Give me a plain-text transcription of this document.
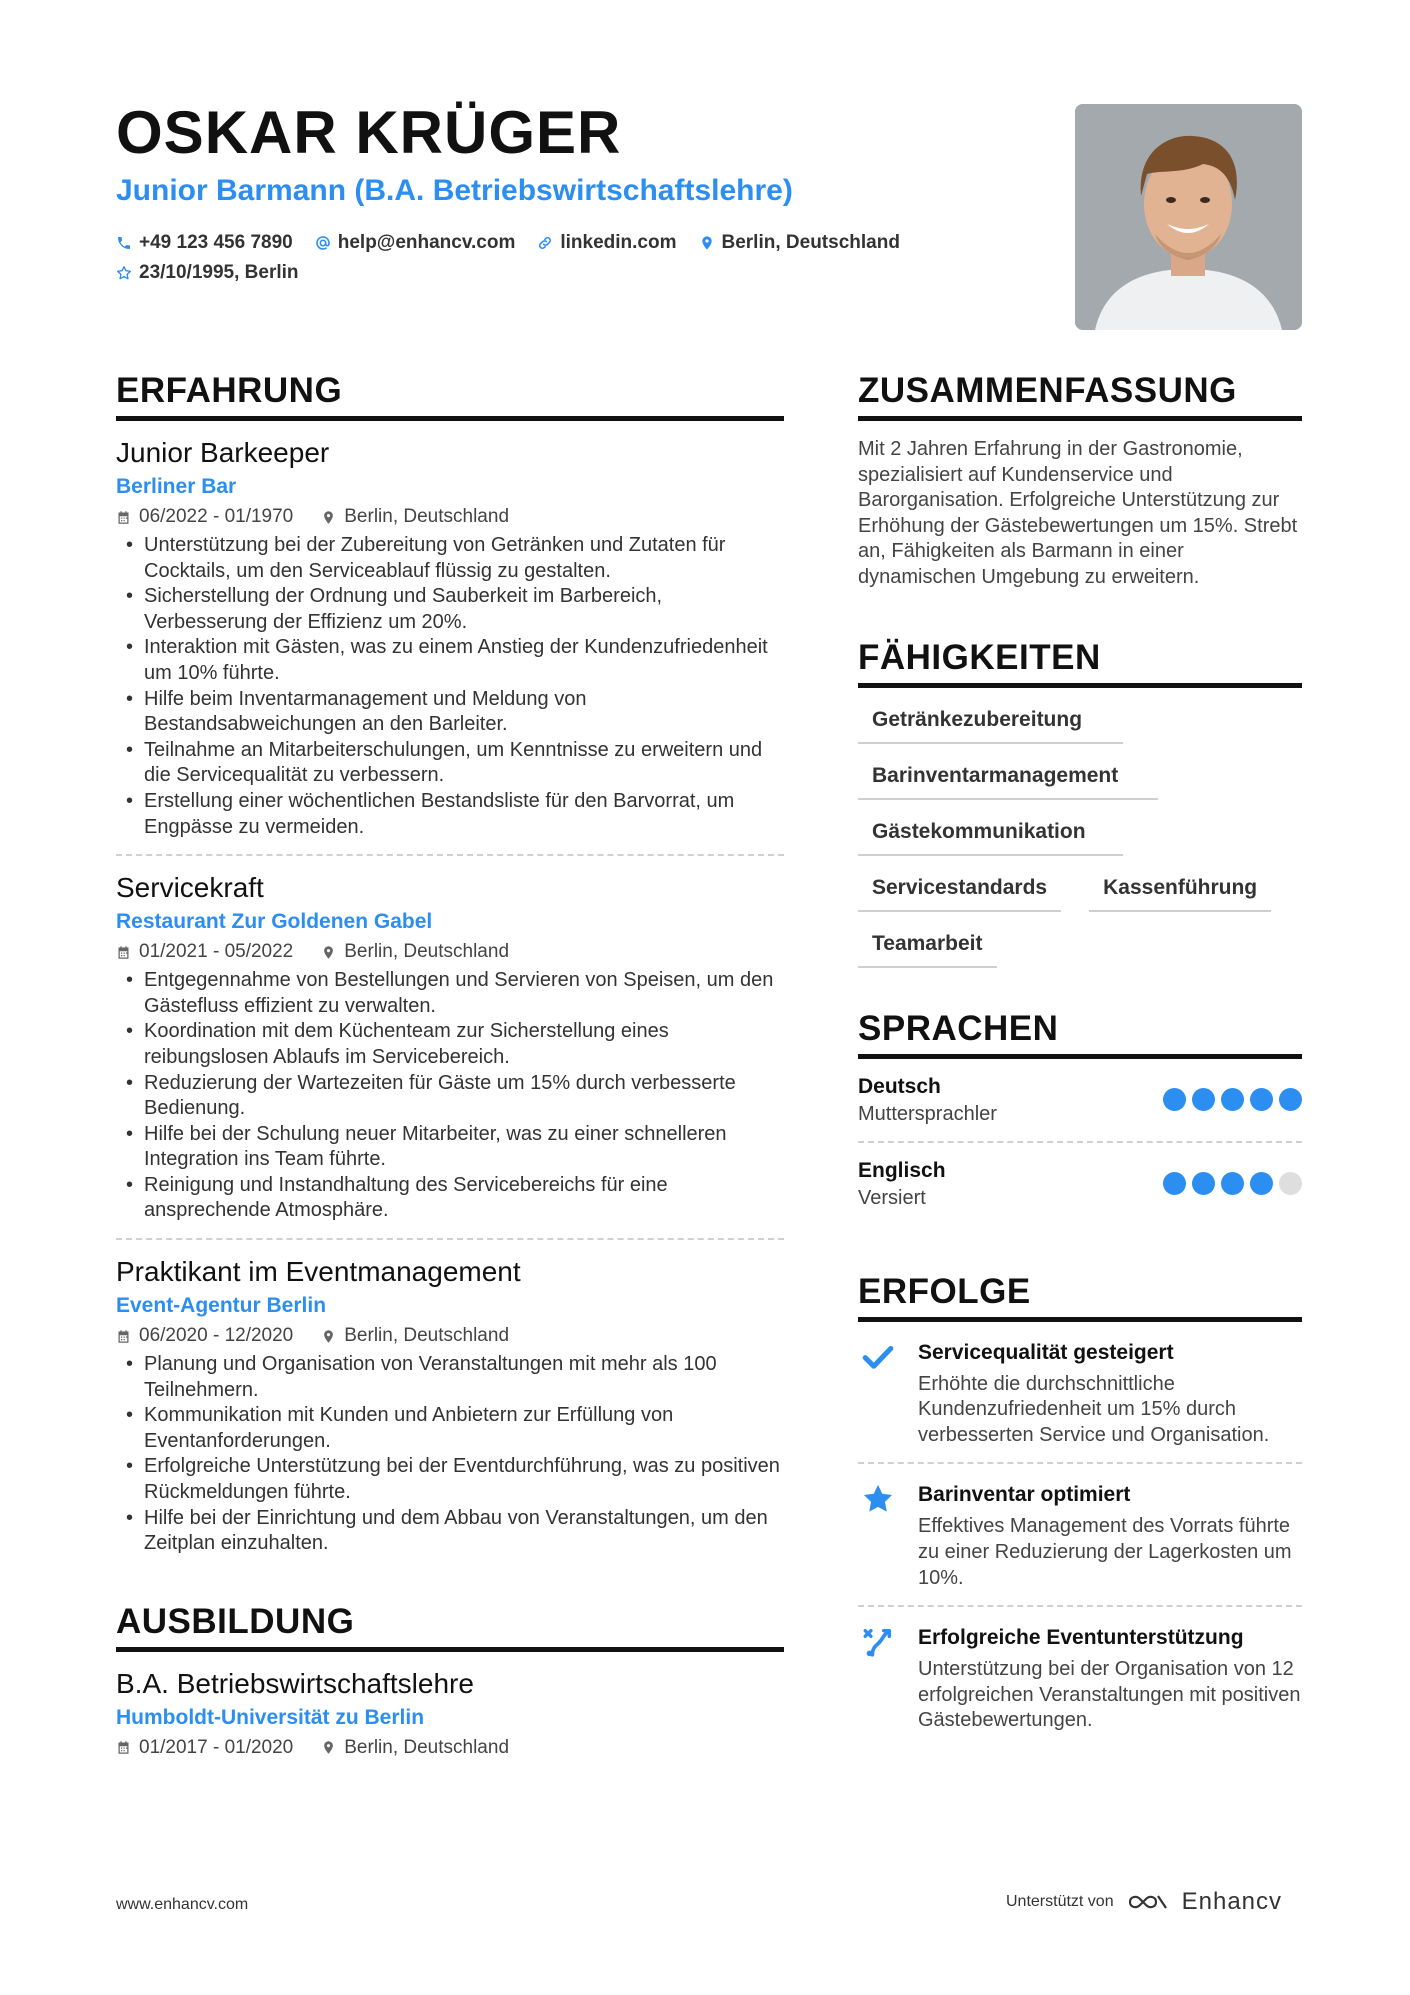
OSKAR KRÜGER
Junior Barmann (B.A. Betriebswirtschaftslehre)
+49 123 456 7890 help@enhancv.com linkedin.com Berlin, Deutschland
23/10/1995, Berlin
ERFAHRUNG
Junior Barkeeper
Berliner Bar
06/2022 - 01/1970	Berlin, Deutschland
• Unterstützung bei der Zubereitung von Getränken und Zutaten für Cocktails, um den Serviceablauf flüssig zu gestalten.
• Sicherstellung der Ordnung und Sauberkeit im Barbereich, Verbesserung der Effizienz um 20%.
• Interaktion mit Gästen, was zu einem Anstieg der Kundenzufriedenheit um 10% führte.
• Hilfe beim Inventarmanagement und Meldung von Bestandsabweichungen an den Barleiter.
• Teilnahme an Mitarbeiterschulungen, um Kenntnisse zu erweitern und die Servicequalität zu verbessern.
• Erstellung einer wöchentlichen Bestandsliste für den Barvorrat, um Engpässe zu vermeiden.
Servicekraft
Restaurant Zur Goldenen Gabel
01/2021 - 05/2022	Berlin, Deutschland
• Entgegennahme von Bestellungen und Servieren von Speisen, um den Gästefluss effizient zu verwalten.
• Koordination mit dem Küchenteam zur Sicherstellung eines reibungslosen Ablaufs im Servicebereich.
• Reduzierung der Wartezeiten für Gäste um 15% durch verbesserte Bedienung.
• Hilfe bei der Schulung neuer Mitarbeiter, was zu einer schnelleren Integration ins Team führte.
• Reinigung und Instandhaltung des Servicebereichs für eine ansprechende Atmosphäre.
Praktikant im Eventmanagement
Event-Agentur Berlin
06/2020 - 12/2020	Berlin, Deutschland
• Planung und Organisation von Veranstaltungen mit mehr als 100 Teilnehmern.
• Kommunikation mit Kunden und Anbietern zur Erfüllung von Eventanforderungen.
• Erfolgreiche Unterstützung bei der Eventdurchführung, was zu positiven Rückmeldungen führte.
• Hilfe bei der Einrichtung und dem Abbau von Veranstaltungen, um den Zeitplan einzuhalten.
AUSBILDUNG
B.A. Betriebswirtschaftslehre
Humboldt-Universität zu Berlin
01/2017 - 01/2020	Berlin, Deutschland
ZUSAMMENFASSUNG
Mit 2 Jahren Erfahrung in der Gastronomie, spezialisiert auf Kundenservice und Barorganisation. Erfolgreiche Unterstützung zur Erhöhung der Gästebewertungen um 15%. Strebt an, Fähigkeiten als Barmann in einer dynamischen Umgebung zu erweitern.
FÄHIGKEITEN
Getränkezubereitung
Barinventarmanagement
Gästekommunikation
Servicestandards	Kassenführung
Teamarbeit
SPRACHEN
Deutsch
Muttersprachler
Englisch
Versiert
ERFOLGE
Servicequalität gesteigert
Erhöhte die durchschnittliche Kundenzufriedenheit um 15% durch verbesserten Service und Organisation.
Barinventar optimiert
Effektives Management des Vorrats führte zu einer Reduzierung der Lagerkosten um 10%.
Erfolgreiche Eventunterstützung
Unterstützung bei der Organisation von 12 erfolgreichen Veranstaltungen mit positiven Gästebewertungen.
www.enhancv.com	Unterstützt von	Enhancv
